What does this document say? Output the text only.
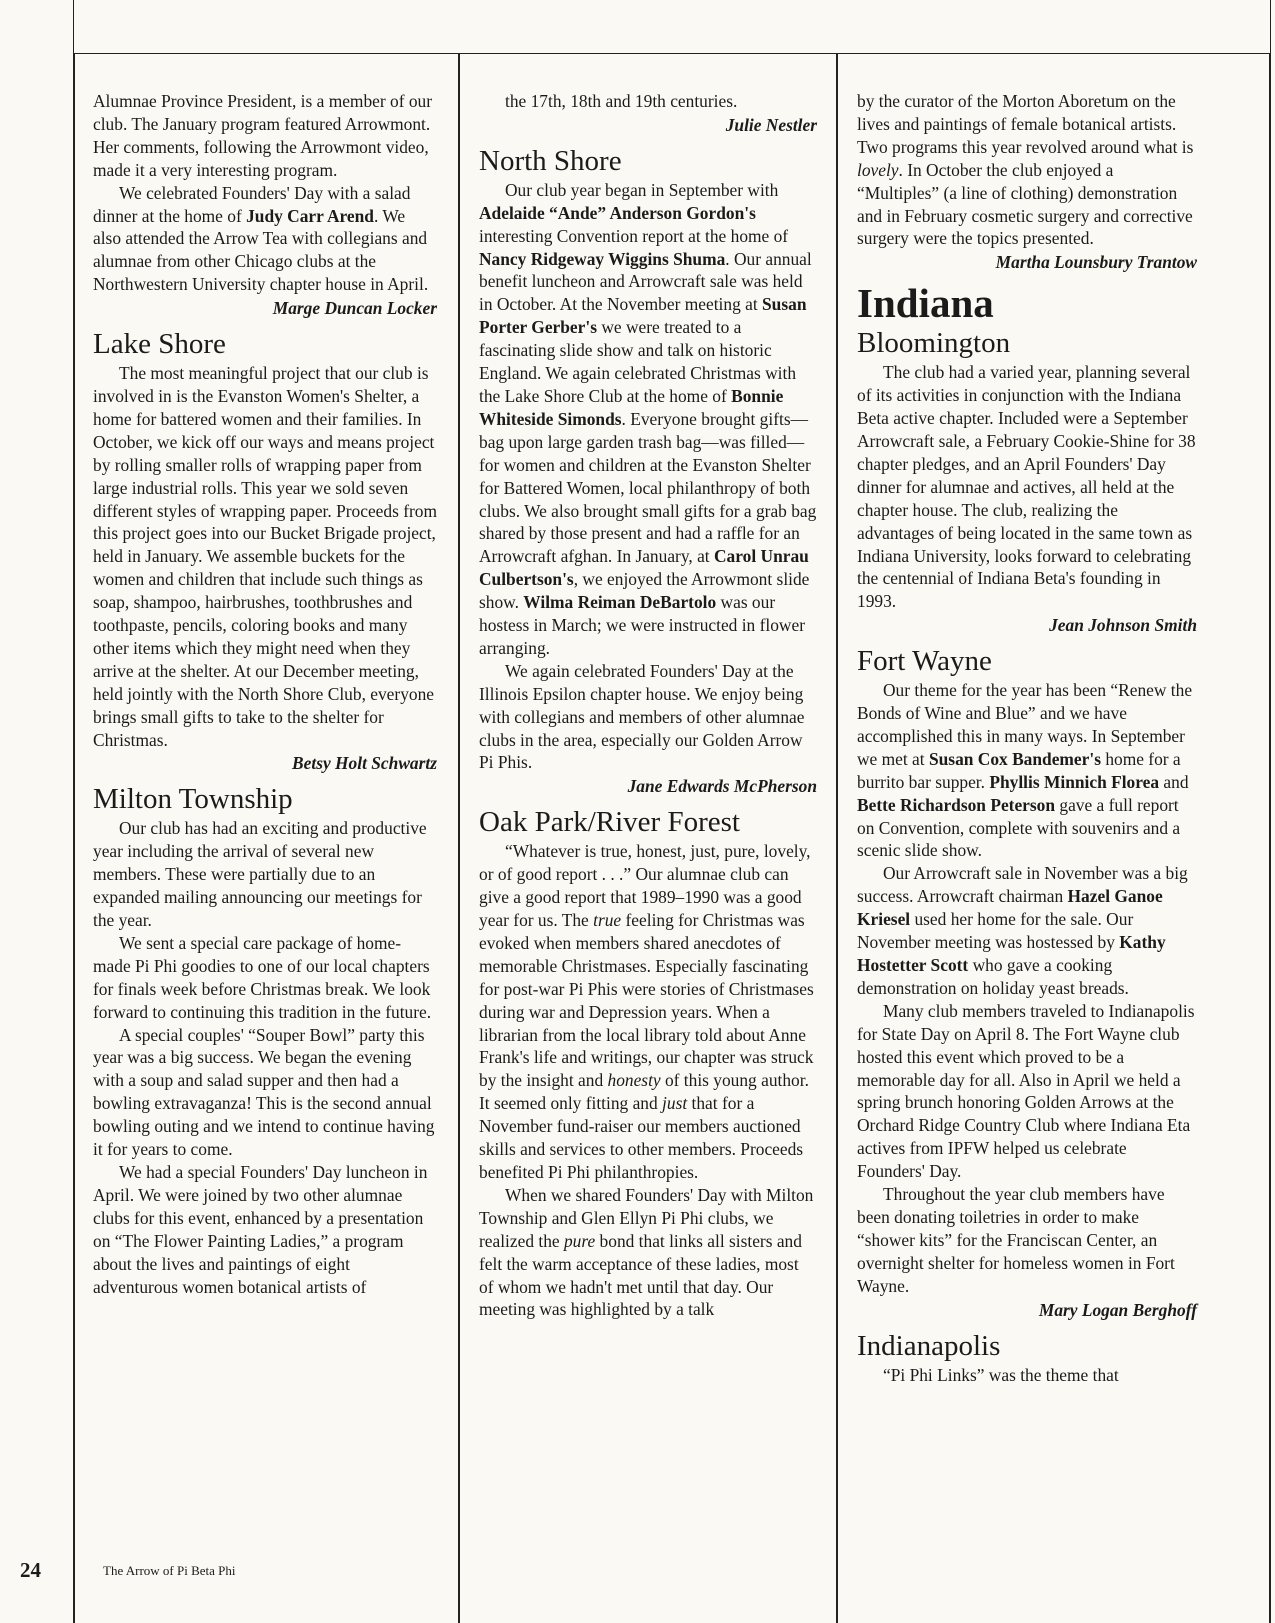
Alumnae Province President, is a member of our club. The January program featured Arrowmont. Her comments, following the Arrowmont video, made it a very interesting program.

We celebrated Founders' Day with a salad dinner at the home of Judy Carr Arend. We also attended the Arrow Tea with collegians and alumnae from other Chicago clubs at the Northwestern University chapter house in April.

Marge Duncan Locker
Lake Shore

The most meaningful project that our club is involved in is the Evanston Women's Shelter, a home for battered women and their families. In October, we kick off our ways and means project by rolling smaller rolls of wrapping paper from large industrial rolls. This year we sold seven different styles of wrapping paper. Proceeds from this project goes into our Bucket Brigade project, held in January. We assemble buckets for the women and children that include such things as soap, shampoo, hairbrushes, toothbrushes and toothpaste, pencils, coloring books and many other items which they might need when they arrive at the shelter. At our December meeting, held jointly with the North Shore Club, everyone brings small gifts to take to the shelter for Christmas.

Betsy Holt Schwartz
Milton Township

Our club has had an exciting and productive year including the arrival of several new members. These were partially due to an expanded mailing announcing our meetings for the year.

We sent a special care package of home-made Pi Phi goodies to one of our local chapters for finals week before Christmas break. We look forward to continuing this tradition in the future.

A special couples' “Souper Bowl” party this year was a big success. We began the evening with a soup and salad supper and then had a bowling extravaganza! This is the second annual bowling outing and we intend to continue having it for years to come.

We had a special Founders' Day luncheon in April. We were joined by two other alumnae clubs for this event, enhanced by a presentation on “The Flower Painting Ladies,” a program about the lives and paintings of eight adventurous women botanical artists of

the 17th, 18th and 19th centuries.

Julie Nestler
North Shore

Our club year began in September with Adelaide “Ande” Anderson Gordon's interesting Convention report at the home of Nancy Ridgeway Wiggins Shuma. Our annual benefit luncheon and Arrowcraft sale was held in October. At the November meeting at Susan Porter Gerber's we were treated to a fascinating slide show and talk on historic England. We again celebrated Christmas with the Lake Shore Club at the home of Bonnie Whiteside Simonds. Everyone brought gifts—bag upon large garden trash bag—was filled—for women and children at the Evanston Shelter for Battered Women, local philanthropy of both clubs. We also brought small gifts for a grab bag shared by those present and had a raffle for an Arrowcraft afghan. In January, at Carol Unrau Culbertson's, we enjoyed the Arrowmont slide show. Wilma Reiman DeBartolo was our hostess in March; we were instructed in flower arranging.

We again celebrated Founders' Day at the Illinois Epsilon chapter house. We enjoy being with collegians and members of other alumnae clubs in the area, especially our Golden Arrow Pi Phis.

Jane Edwards McPherson
Oak Park/River Forest

“Whatever is true, honest, just, pure, lovely, or of good report . . .” Our alumnae club can give a good report that 1989–1990 was a good year for us. The true feeling for Christmas was evoked when members shared anecdotes of memorable Christmases. Especially fascinating for post-war Pi Phis were stories of Christmases during war and Depression years. When a librarian from the local library told about Anne Frank's life and writings, our chapter was struck by the insight and honesty of this young author. It seemed only fitting and just that for a November fund-raiser our members auctioned skills and services to other members. Proceeds benefited Pi Phi philanthropies.

When we shared Founders' Day with Milton Township and Glen Ellyn Pi Phi clubs, we realized the pure bond that links all sisters and felt the warm acceptance of these ladies, most of whom we hadn't met until that day. Our meeting was highlighted by a talk

by the curator of the Morton Aboretum on the lives and paintings of female botanical artists. Two programs this year revolved around what is lovely. In October the club enjoyed a “Multiples” (a line of clothing) demonstration and in February cosmetic surgery and corrective surgery were the topics presented.

Martha Lounsbury Trantow
Indiana
Bloomington

The club had a varied year, planning several of its activities in conjunction with the Indiana Beta active chapter. Included were a September Arrowcraft sale, a February Cookie-Shine for 38 chapter pledges, and an April Founders' Day dinner for alumnae and actives, all held at the chapter house. The club, realizing the advantages of being located in the same town as Indiana University, looks forward to celebrating the centennial of Indiana Beta's founding in 1993.

Jean Johnson Smith
Fort Wayne

Our theme for the year has been “Renew the Bonds of Wine and Blue” and we have accomplished this in many ways. In September we met at Susan Cox Bandemer's home for a burrito bar supper. Phyllis Minnich Florea and Bette Richardson Peterson gave a full report on Convention, complete with souvenirs and a scenic slide show.

Our Arrowcraft sale in November was a big success. Arrowcraft chairman Hazel Ganoe Kriesel used her home for the sale. Our November meeting was hostessed by Kathy Hostetter Scott who gave a cooking demonstration on holiday yeast breads.

Many club members traveled to Indianapolis for State Day on April 8. The Fort Wayne club hosted this event which proved to be a memorable day for all. Also in April we held a spring brunch honoring Golden Arrows at the Orchard Ridge Country Club where Indiana Eta actives from IPFW helped us celebrate Founders' Day.

Throughout the year club members have been donating toiletries in order to make “shower kits” for the Franciscan Center, an overnight shelter for homeless women in Fort Wayne.

Mary Logan Berghoff
Indianapolis

“Pi Phi Links” was the theme that

24	The Arrow of Pi Beta Phi
